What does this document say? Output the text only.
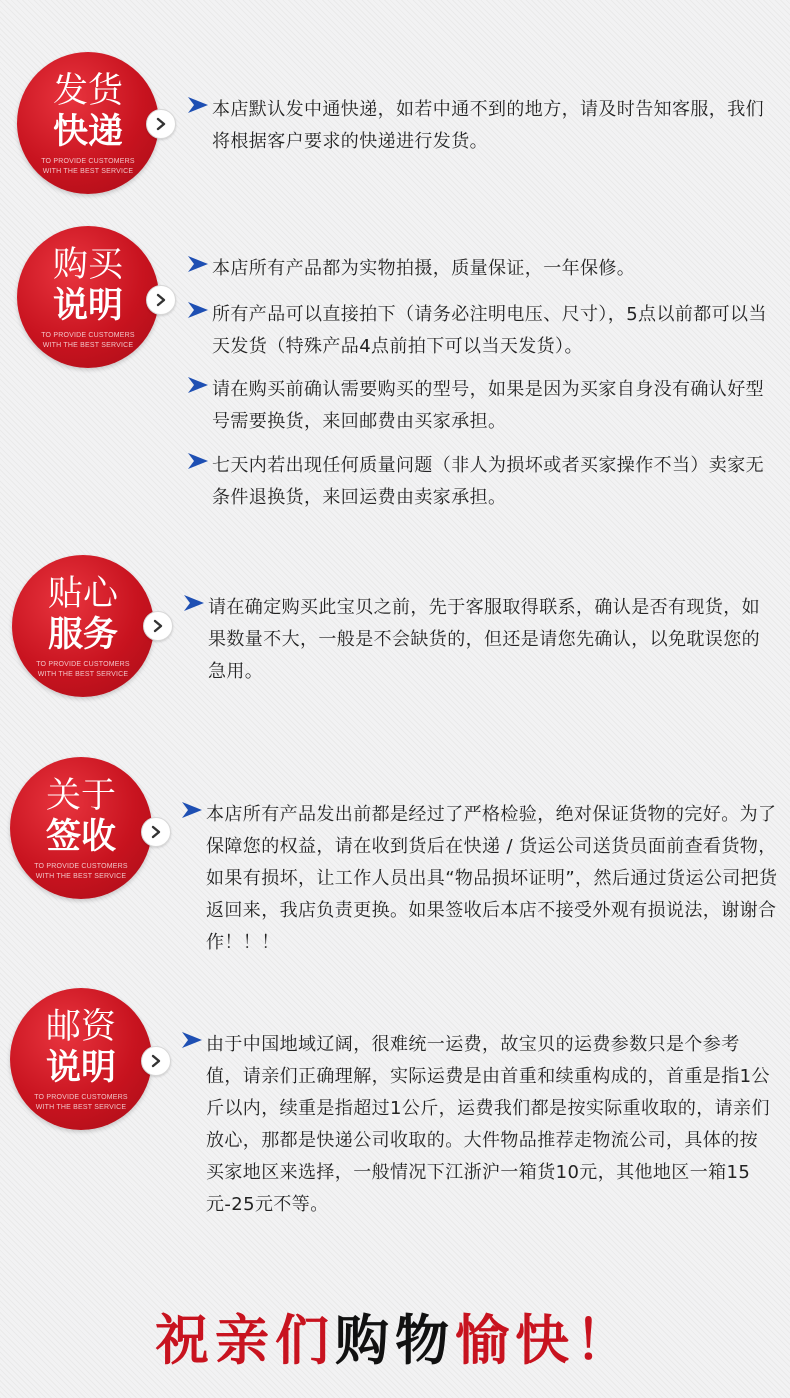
发货
快递
TO PROVIDE CUSTOMERS
WITH THE BEST SERVICE
本店默认发中通快递，如若中通不到的地方，请及时告知客服，我们将根据客户要求的快递进行发货。
购买
说明
TO PROVIDE CUSTOMERS
WITH THE BEST SERVICE
本店所有产品都为实物拍摄，质量保证，一年保修。
所有产品可以直接拍下（请务必注明电压、尺寸），5点以前都可以当天发货（特殊产品4点前拍下可以当天发货）。
请在购买前确认需要购买的型号，如果是因为买家自身没有确认好型号需要换货，来回邮费由买家承担。
七天内若出现任何质量问题（非人为损坏或者买家操作不当）卖家无条件退换货，来回运费由卖家承担。
贴心
服务
TO PROVIDE CUSTOMERS
WITH THE BEST SERVICE
请在确定购买此宝贝之前，先于客服取得联系，确认是否有现货，如果数量不大，一般是不会缺货的，但还是请您先确认，以免耽误您的急用。
关于
签收
TO PROVIDE CUSTOMERS
WITH THE BEST SERVICE
本店所有产品发出前都是经过了严格检验，绝对保证货物的完好。为了保障您的权益，请在收到货后在快递 / 货运公司送货员面前查看货物，如果有损坏，让工作人员出具“物品损坏证明”，然后通过货运公司把货返回来，我店负责更换。如果签收后本店不接受外观有损说法，谢谢合作！！！
邮资
说明
TO PROVIDE CUSTOMERS
WITH THE BEST SERVICE
由于中国地域辽阔，很难统一运费，故宝贝的运费参数只是个参考值，请亲们正确理解，实际运费是由首重和续重构成的，首重是指1公斤以内，续重是指超过1公斤，运费我们都是按实际重收取的，请亲们放心，那都是快递公司收取的。大件物品推荐走物流公司，具体的按买家地区来选择，一般情况下江浙沪一箱货10元，其他地区一箱15元-25元不等。
祝亲们购物愉快！
